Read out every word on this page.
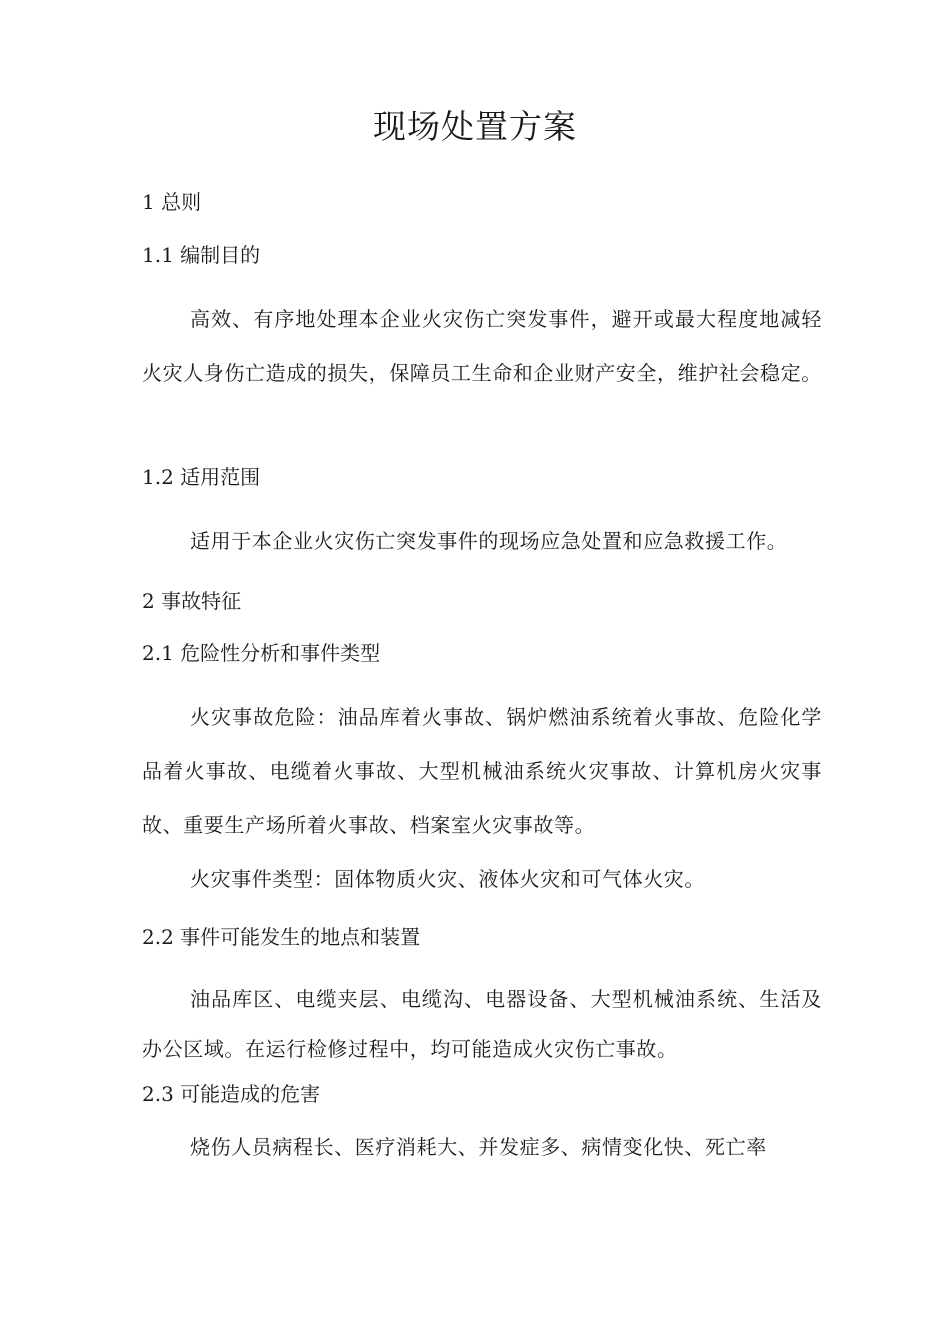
现场处置方案
1 总则
1.1 编制目的
高效、有序地处理本企业火灾伤亡突发事件，避开或最大程度地减轻火灾人身伤亡造成的损失，保障员工生命和企业财产安全，维护社会稳定。
1.2 适用范围
适用于本企业火灾伤亡突发事件的现场应急处置和应急救援工作。
2 事故特征
2.1 危险性分析和事件类型
火灾事故危险：油品库着火事故、锅炉燃油系统着火事故、危险化学品着火事故、电缆着火事故、大型机械油系统火灾事故、计算机房火灾事故、重要生产场所着火事故、档案室火灾事故等。
火灾事件类型：固体物质火灾、液体火灾和可气体火灾。
2.2 事件可能发生的地点和装置
油品库区、电缆夹层、电缆沟、电器设备、大型机械油系统、生活及办公区域。在运行检修过程中，均可能造成火灾伤亡事故。
2.3 可能造成的危害
烧伤人员病程长、医疗消耗大、并发症多、病情变化快、死亡率
